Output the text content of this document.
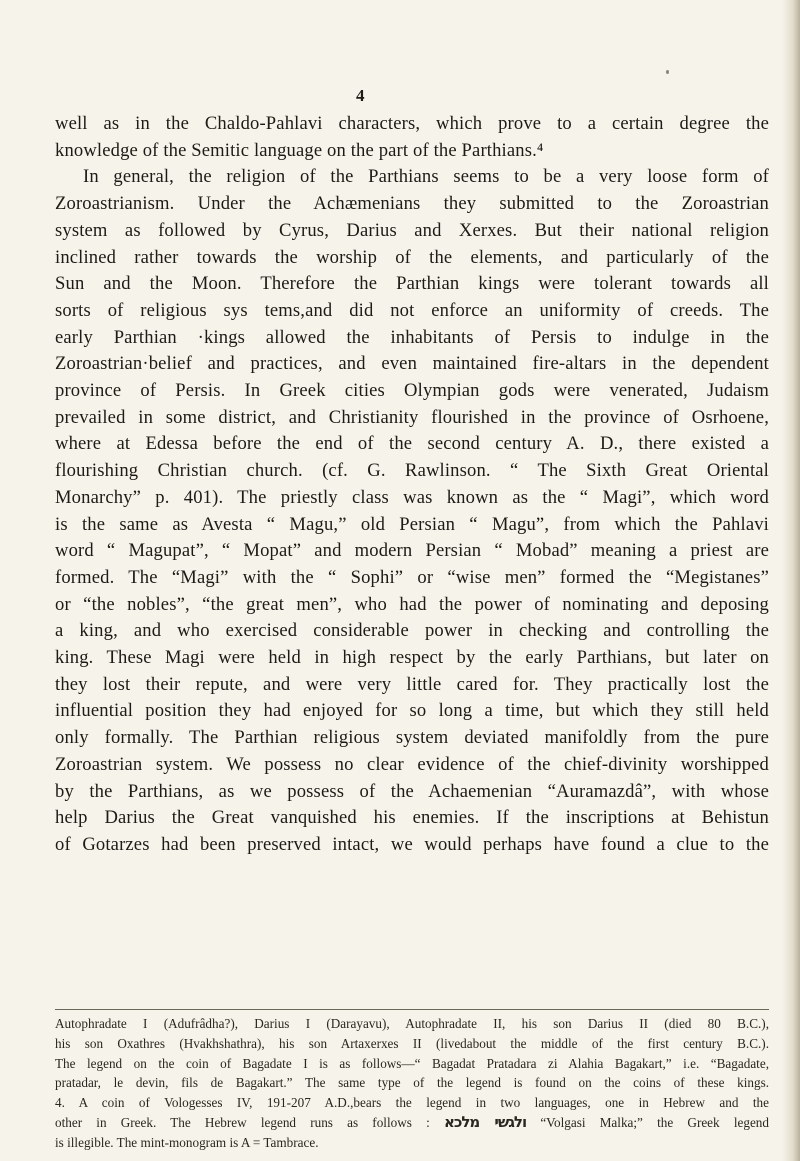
4

well as in the Chaldo-Pahlavi characters, which prove to a certain degree the

knowledge of the Semitic language on the part of the Parthians.⁴

In general, the religion of the Parthians seems to be a very loose form of

Zoroastrianism. Under the Achæmenians they submitted to the Zoroastrian

system as followed by Cyrus, Darius and Xerxes. But their national religion

inclined rather towards the worship of the elements, and particularly of the

Sun and the Moon. Therefore the Parthian kings were tolerant towards all

sorts of religious sys tems,and did not enforce an uniformity of creeds. The

early Parthian ·kings allowed the inhabitants of Persis to indulge in the

Zoroastrian·belief and practices, and even maintained fire-altars in the dependent

province of Persis. In Greek cities Olympian gods were venerated, Judaism

prevailed in some district, and Christianity flourished in the province of Osrhoene,

where at Edessa before the end of the second century A. D., there existed a

flourishing Christian church. (cf. G. Rawlinson. “ The Sixth Great Oriental

Monarchy” p. 401). The priestly class was known as the “ Magi”, which word

is the same as Avesta “ Magu,” old Persian “ Magu”, from which the Pahlavi

word “ Magupat”, “ Mopat” and modern Persian “ Mobad” meaning a priest are

formed. The “Magi” with the “ Sophi” or “wise men” formed the “Megistanes”

or “the nobles”, “the great men”, who had the power of nominating and deposing

a king, and who exercised considerable power in checking and controlling the

king. These Magi were held in high respect by the early Parthians, but later on

they lost their repute, and were very little cared for. They practically lost the

influential position they had enjoyed for so long a time, but which they still held

only formally. The Parthian religious system deviated manifoldly from the pure

Zoroastrian system. We possess no clear evidence of the chief-divinity worshipped

by the Parthians, as we possess of the Achaemenian “Auramazdâ”, with whose

help Darius the Great vanquished his enemies. If the inscriptions at Behistun

of Gotarzes had been preserved intact, we would perhaps have found a clue to the

Autophradate I (Adufrâdha?), Darius I (Darayavu), Autophradate II, his son Darius II (died 80 B.C.),

his son Oxathres (Hvakhshathra), his son Artaxerxes II (livedabout the middle of the first century B.C.).

The legend on the coin of Bagadate I is as follows—“ Bagadat Pratadara zi Alahia Bagakart,” i.e. “Bagadate,

pratadar, le devin, fils de Bagakart.” The same type of the legend is found on the coins of these kings.

4. A coin of Vologesses IV, 191-207 A.D.,bears the legend in two languages, one in Hebrew and the

other in Greek. The Hebrew legend runs as follows : ולגשי מלכא “Volgasi Malka;” the Greek legend

is illegible. The mint-monogram is A = Tambrace.
